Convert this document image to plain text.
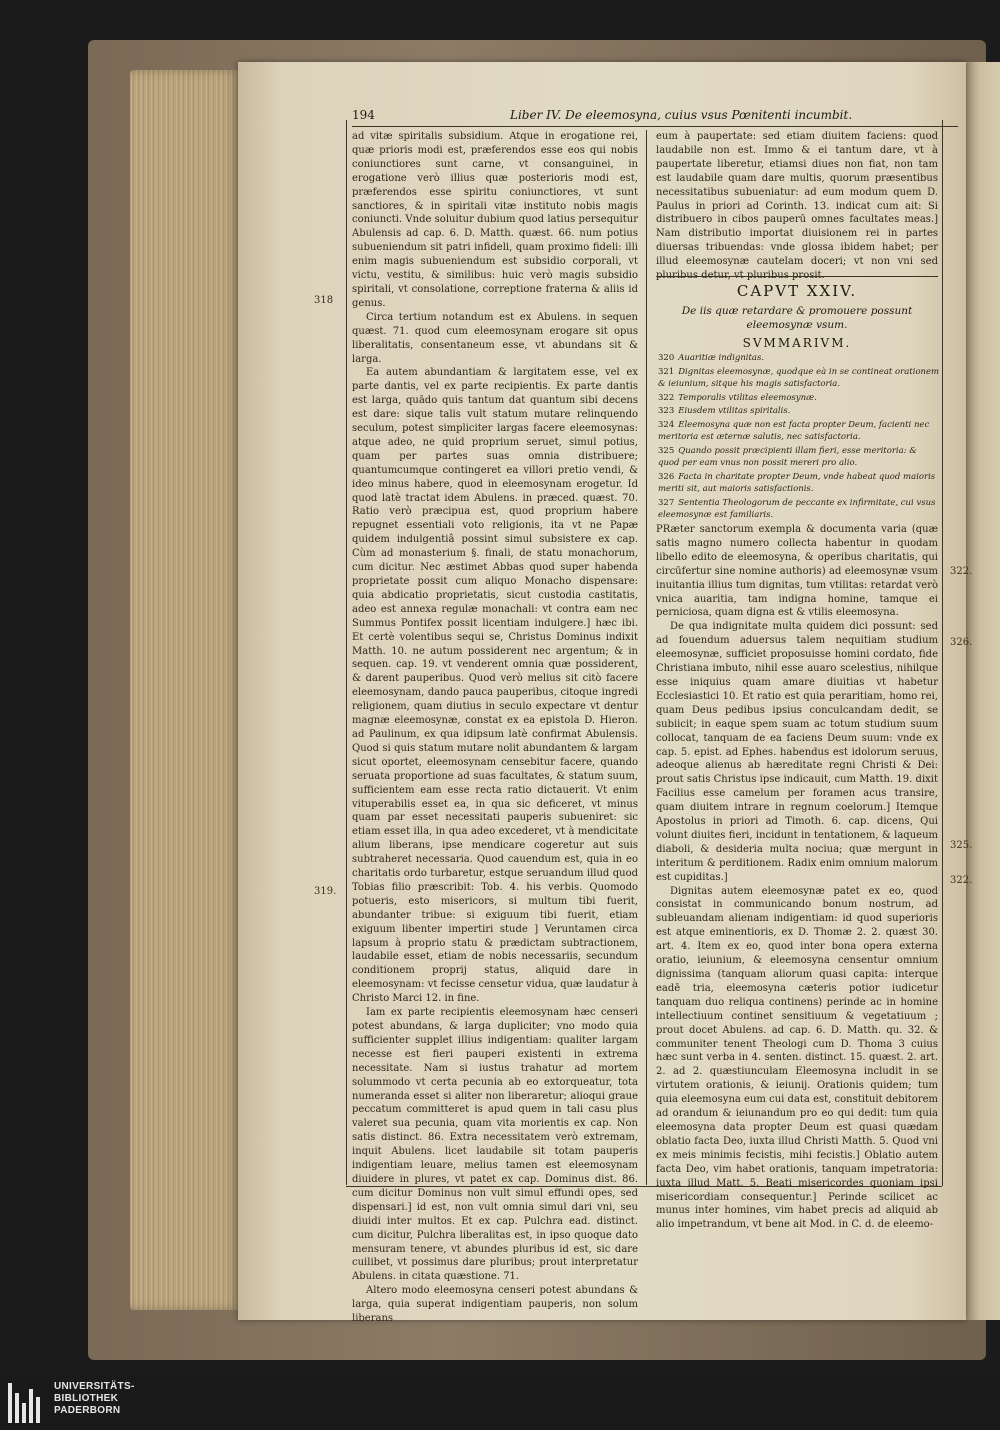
194	Liber IV. De eleemosyna, cuius vsus Pœnitenti incumbit.
318
319.
322.
326.
325.
322.

ad vitæ spiritalis subsidium. Atque in erogatione rei, quæ prioris modi est, præferendos esse eos qui nobis coniunctiores sunt carne, vt consanguinei, in erogatione verò illius quæ posterioris modi est, præferendos esse spiritu coniunctiores, vt sunt sanctiores, & in spiritali vitæ instituto nobis magis coniuncti. Vnde soluitur dubium quod latius persequitur Abulensis ad cap. 6. D. Matth. quæst. 66. num potius subueniendum sit patri infideli, quam proximo fideli: illi enim magis subueniendum est subsidio corporali, vt victu, vestitu, & similibus: huic verò magis subsidio spiritali, vt consolatione, correptione fraterna & aliis id genus.

Circa tertium notandum est ex Abulens. in sequen quæst. 71. quod cum eleemosynam erogare sit opus liberalitatis, consentaneum esse, vt abundans sit & larga.

Ea autem abundantiam & largitatem esse, vel ex parte dantis, vel ex parte recipientis. Ex parte dantis est larga, quādo quis tantum dat quantum sibi decens est dare: sique talis vult statum mutare relinquendo seculum, potest simpliciter largas facere eleemosynas: atque adeo, ne quid proprium seruet, simul potius, quam per partes suas omnia distribuere; quantumcumque contingeret ea villori pretio vendi, & ideo minus habere, quod in eleemosynam erogetur. Id quod latè tractat idem Abulens. in præced. quæst. 70. Ratio verò præcipua est, quod proprium habere repugnet essentiali voto religionis, ita vt ne Papæ quidem indulgentiâ possint simul subsistere ex cap. Cùm ad monasterium §. finali, de statu monachorum, cum dicitur. Nec æstimet Abbas quod super habenda proprietate possit cum aliquo Monacho dispensare: quia abdicatio proprietatis, sicut custodia castitatis, adeo est annexa regulæ monachali: vt contra eam nec Summus Pontifex possit licentiam indulgere.] hæc ibi. Et certè volentibus sequi se, Christus Dominus indixit Matth. 10. ne autum possiderent nec argentum; & in sequen. cap. 19. vt venderent omnia quæ possiderent, & darent pauperibus. Quod verò melius sit citò facere eleemosynam, dando pauca pauperibus, citoque ingredi religionem, quam diutius in seculo expectare vt dentur magnæ eleemosynæ, constat ex ea epistola D. Hieron. ad Paulinum, ex qua idipsum latè confirmat Abulensis. Quod si quis statum mutare nolit abundantem & largam sicut oportet, eleemosynam censebitur facere, quando seruata proportione ad suas facultates, & statum suum, sufficientem eam esse recta ratio dictauerit. Vt enim vituperabilis esset ea, in qua sic deficeret, vt minus quam par esset necessitati pauperis subueniret: sic etiam esset illa, in qua adeo excederet, vt à mendicitate alium liberans, ipse mendicare cogeretur aut suis subtraheret necessaria. Quod cauendum est, quia in eo charitatis ordo turbaretur, estque seruandum illud quod Tobias filio præscribit: Tob. 4. his verbis. Quomodo potueris, esto misericors, si multum tibi fuerit, abundanter tribue: si exiguum tibi fuerit, etiam exiguum libenter impertiri stude ] Veruntamen circa lapsum à proprio statu & prædictam subtractionem, laudabile esset, etiam de nobis necessariis, secundum conditionem proprij status, aliquid dare in eleemosynam: vt fecisse censetur vidua, quæ laudatur à Christo Marci 12. in fine.

Iam ex parte recipientis eleemosynam hæc censeri potest abundans, & larga dupliciter; vno modo quia sufficienter supplet illius indigentiam: qualiter largam necesse est fieri pauperi existenti in extrema necessitate. Nam si iustus trahatur ad mortem solummodo vt certa pecunia ab eo extorqueatur, tota numeranda esset si aliter non liberaretur; alioqui graue peccatum committeret is apud quem in tali casu plus valeret sua pecunia, quam vita morientis ex cap. Non satis distinct. 86. Extra necessitatem verò extremam, inquit Abulens. licet laudabile sit totam pauperis indigentiam leuare, melius tamen est eleemosynam diuidere in plures, vt patet ex cap. Dominus dist. 86. cum dicitur Dominus non vult simul effundi opes, sed dispensari.] id est, non vult omnia simul dari vni, seu diuidi inter multos. Et ex cap. Pulchra ead. distinct. cum dicitur, Pulchra liberalitas est, in ipso quoque dato mensuram tenere, vt abundes pluribus id est, sic dare cuilibet, vt possimus dare pluribus; prout interpretatur Abulens. in citata quæstione. 71.

Altero modo eleemosyna censeri potest abundans & larga, quia superat indigentiam pauperis, non solum liberans

eum à paupertate: sed etiam diuitem faciens: quod laudabile non est. Immo & ei tantum dare, vt à paupertate liberetur, etiamsi diues non fiat, non tam est laudabile quam dare multis, quorum præsentibus necessitatibus subueniatur: ad eum modum quem D. Paulus in priori ad Corinth. 13. indicat cum ait: Si distribuero in cibos pauperū omnes facultates meas.] Nam distributio importat diuisionem rei in partes diuersas tribuendas: vnde glossa ibidem habet; per illud eleemosynæ cautelam doceri; vt non vni sed

CAPVT XXIV.
De iis quæ retardare & promouere possunt eleemosynæ vsum.
SVMMARIVM.
320 Auaritiæ indignitas.
321 Dignitas eleemosynæ, quodque eà in se contineat orationem & ieiunium, sitque his magis satisfactoria.
322 Temporalis vtilitas eleemosynæ.
323 Eiusdem vtilitas spiritalis.
324 Eleemosyna quæ non est facta propter Deum, facienti nec meritoria est æternæ salutis, nec satisfactoria.
325 Quando possit præcipienti illam fieri, esse meritoria: & quod per eam vnus non possit mereri pro alio.
326 Facta in charitate propter Deum, vnde habeat quod maioris meriti sit, aut maioris satisfactionis.
327 Sententia Theologorum de peccante ex infirmitate, cui vsus eleemosynæ est familiaris.

PRæter sanctorum exempla & documenta varia (quæ satis magno numero collecta habentur in quodam libello edito de eleemosyna, & operibus charitatis, qui circūfertur sine nomine authoris) ad eleemosynæ vsum inuitantia illius tum dignitas, tum vtilitas: retardat verò vnica auaritia, tam indigna homine, tamque ei perniciosa, quam digna est & vtilis eleemosyna.

De qua indignitate multa quidem dici possunt: sed ad fouendum aduersus talem nequitiam studium eleemosynæ, sufficiet proposuisse homini cordato, fide Christiana imbuto, nihil esse auaro scelestius, nihilque esse iniquius quam amare diuitias vt habetur Ecclesiastici 10. Et ratio est quia peraritiam, homo rei, quam Deus pedibus ipsius conculcandam dedit, se subiicit; in eaque spem suam ac totum studium suum collocat, tanquam de ea faciens Deum suum: vnde ex cap. 5. epist. ad Ephes. habendus est idolorum seruus, adeoque alienus ab hæreditate regni Christi & Dei: prout satis Christus ipse indicauit, cum Matth. 19. dixit Facilius esse camelum per foramen acus transire, quam diuitem intrare in regnum coelorum.] Itemque Apostolus in priori ad Timoth. 6. cap. dicens, Qui volunt diuites fieri, incidunt in tentationem, & laqueum diaboli, & desideria multa nociua; quæ mergunt in interitum & perditionem. Radix enim omnium malorum est cupiditas.]

Dignitas autem eleemosynæ patet ex eo, quod consistat in communicando bonum nostrum, ad subleuandam alienam indigentiam: id quod superioris est atque eminentioris, ex D. Thomæ 2. 2. quæst 30. art. 4. Item ex eo, quod inter bona opera externa oratio, ieiunium, & eleemosyna censentur omnium dignissima (tanquam aliorum quasi capita: interque eadē tria, eleemosyna cæteris potior iudicetur tanquam duo reliqua continens) perinde ac in homine intellectiuum continet sensitiuum & vegetatiuum ; prout docet Abulens. ad cap. 6. D. Matth. qu. 32. & communiter tenent Theologi cum D. Thoma 3 cuius hæc sunt verba in 4. senten. distinct. 15. quæst. 2. art. 2. ad 2. quæstiunculam Eleemosyna includit in se virtutem orationis, & ieiunij. Orationis quidem; tum quia eleemosyna eum cui data est, constituit debitorem ad orandum & ieiunandum pro eo qui dedit: tum quia eleemosyna data propter Deum est quasi quædam oblatio facta Deo, iuxta illud Christi Matth. 5. Quod vni ex meis minimis fecistis, mihi fecistis.] Oblatio autem facta Deo, vim habet orationis, tanquam impetratoria: iuxta illud Matt. 5. Beati misericordes quoniam ipsi misericordiam consequentur.] Perinde scilicet ac munus inter homines, vim habet precis ad aliquid ab alio impetrandum, vt bene ait Mod. in C. d. de eleemo-

UNIVERSITÄTS-
BIBLIOTHEK
PADERBORN
